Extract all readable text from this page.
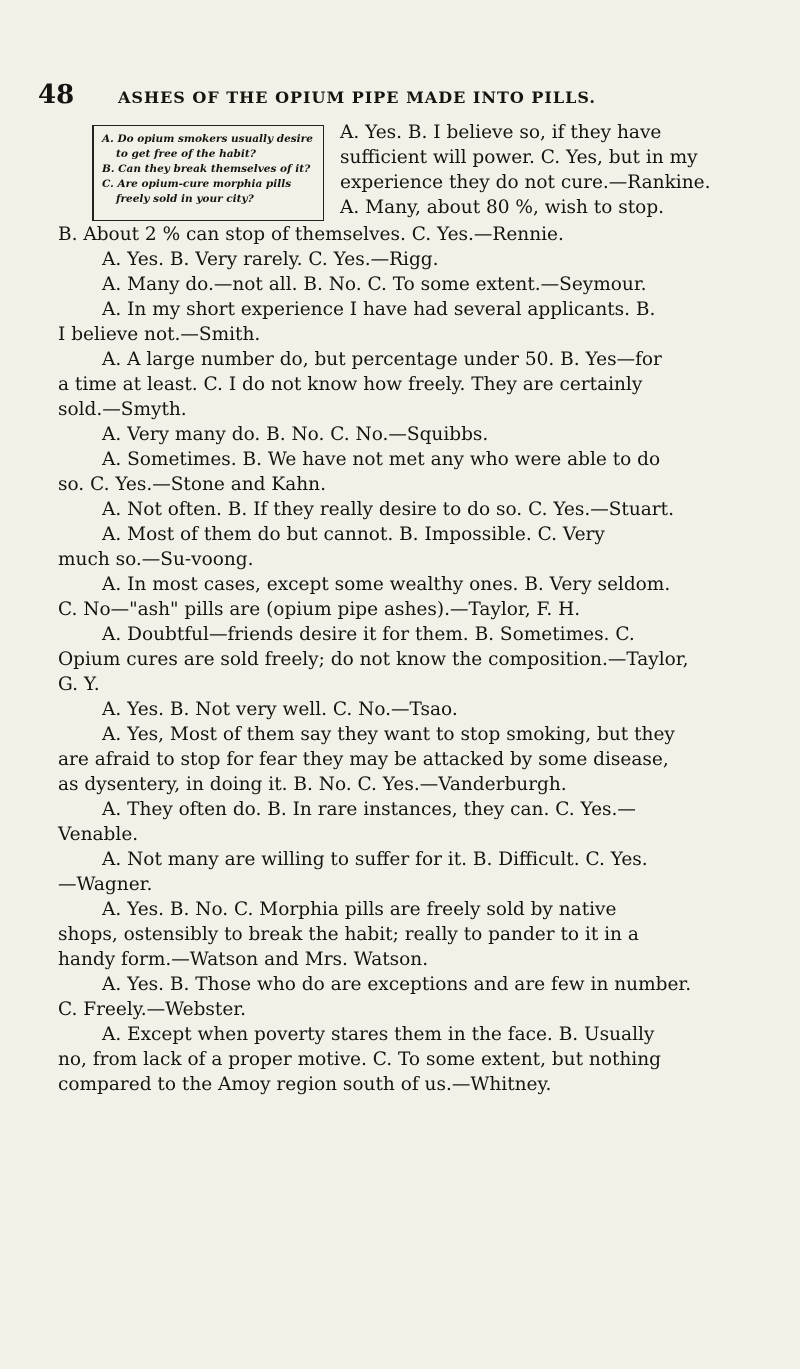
48	ASHES OF THE OPIUM PIPE MADE INTO PILLS.

A. Do opium smokers usually desire

to get free of the habit?

B. Can they break themselves of it?

C. Are opium-cure morphia pills

freely sold in your city?

A. Yes. B. I believe so, if they have

sufficient will power. C. Yes, but in my

experience they do not cure.—Rankine.

A. Many, about 80 %, wish to stop.

B. About 2 % can stop of themselves. C. Yes.—Rennie.

A. Yes. B. Very rarely. C. Yes.—Rigg.

A. Many do.—not all. B. No. C. To some extent.—Seymour.

A. In my short experience I have had several applicants. B.

I believe not.—Smith.

A. A large number do, but percentage under 50. B. Yes—for

a time at least. C. I do not know how freely. They are certainly

sold.—Smyth.

A. Very many do. B. No. C. No.—Squibbs.

A. Sometimes. B. We have not met any who were able to do

so. C. Yes.—Stone and Kahn.

A. Not often. B. If they really desire to do so. C. Yes.—Stuart.

A. Most of them do but cannot. B. Impossible. C. Very

much so.—Su-voong.

A. In most cases, except some wealthy ones. B. Very seldom.

C. No—"ash" pills are (opium pipe ashes).—Taylor, F. H.

A. Doubtful—friends desire it for them. B. Sometimes. C.

Opium cures are sold freely; do not know the composition.—Taylor,

G. Y.

A. Yes. B. Not very well. C. No.—Tsao.

A. Yes, Most of them say they want to stop smoking, but they

are afraid to stop for fear they may be attacked by some disease,

as dysentery, in doing it. B. No. C. Yes.—Vanderburgh.

A. They often do. B. In rare instances, they can. C. Yes.—

Venable.

A. Not many are willing to suffer for it. B. Difficult. C. Yes.

—Wagner.

A. Yes. B. No. C. Morphia pills are freely sold by native

shops, ostensibly to break the habit; really to pander to it in a

handy form.—Watson and Mrs. Watson.

A. Yes. B. Those who do are exceptions and are few in number.

C. Freely.—Webster.

A. Except when poverty stares them in the face. B. Usually

no, from lack of a proper motive. C. To some extent, but nothing

compared to the Amoy region south of us.—Whitney.
